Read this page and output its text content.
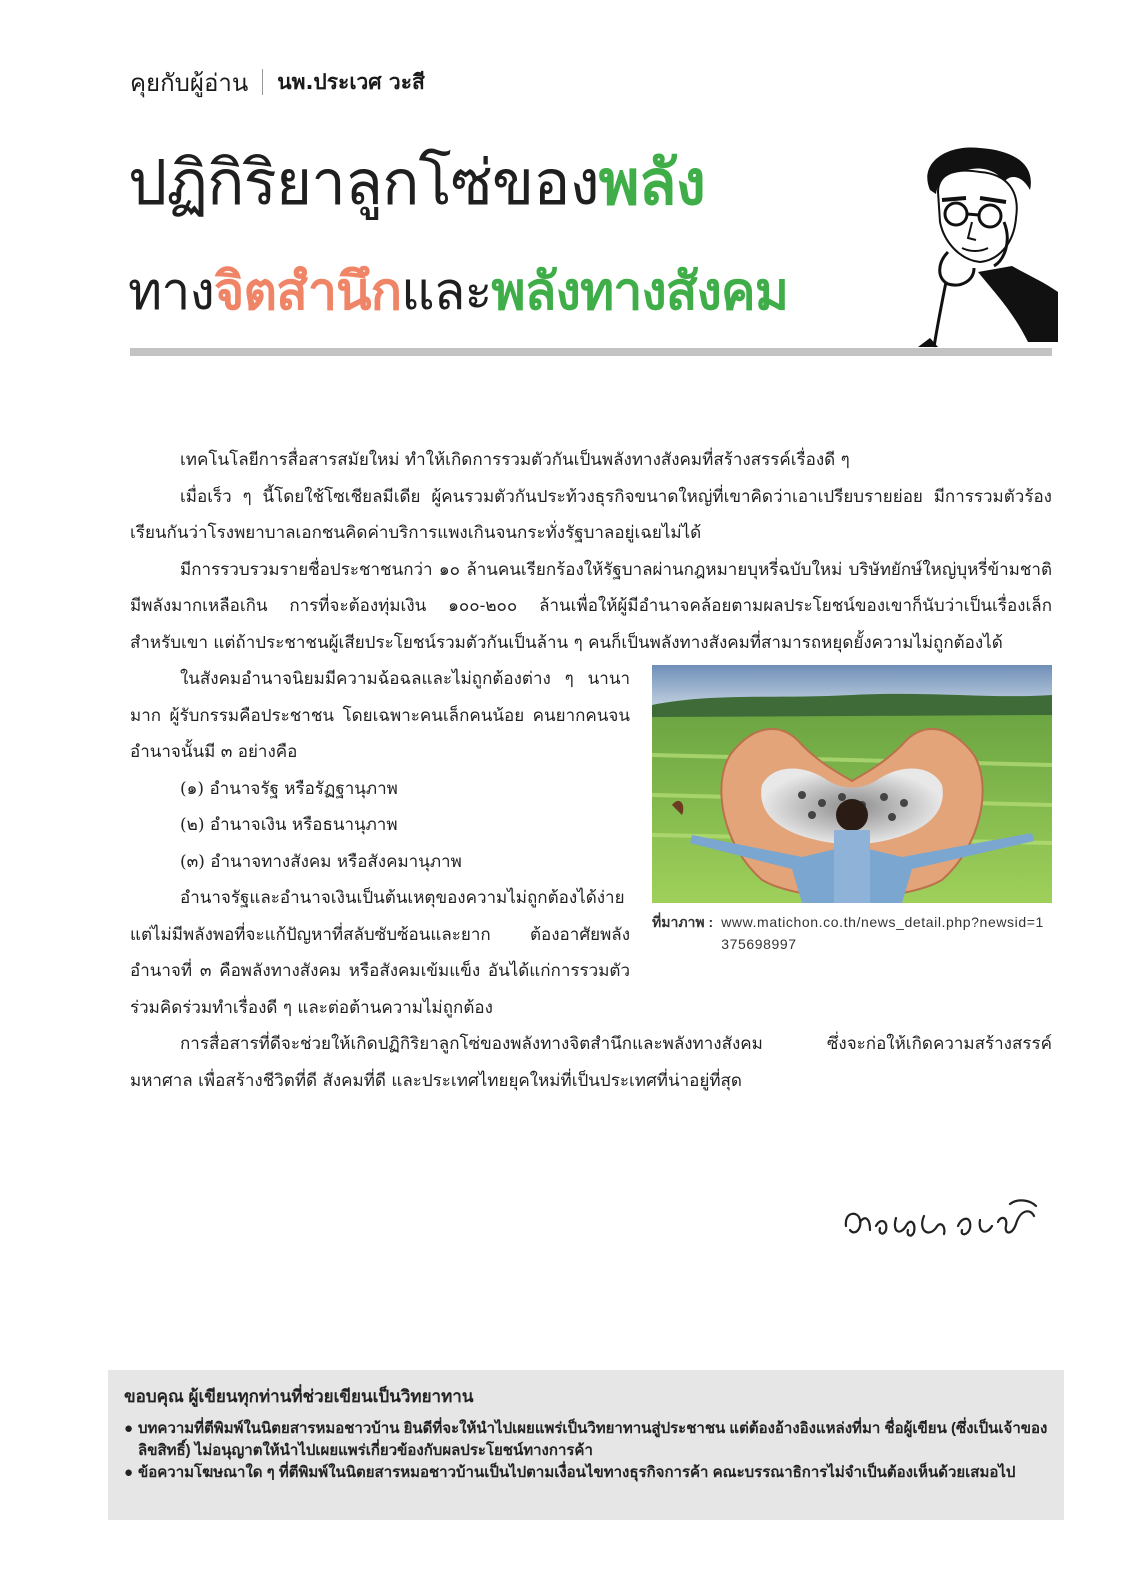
คุยกับผู้อ่าน นพ.ประเวศ วะสี
ปฏิกิริยาลูกโซ่ของพลัง
ทางจิตสำนึกและพลังทางสังคม

เทคโนโลยีการสื่อสารสมัยใหม่ ทำให้เกิดการรวมตัวกันเป็นพลังทางสังคมที่สร้างสรรค์เรื่องดี ๆ

เมื่อเร็ว ๆ นี้โดยใช้โซเชียลมีเดีย ผู้คนรวมตัวกันประท้วงธุรกิจขนาดใหญ่ที่เขาคิดว่าเอาเปรียบรายย่อย มีการรวมตัวร้องเรียนกันว่าโรงพยาบาลเอกชนคิดค่าบริการแพงเกินจนกระทั่งรัฐบาลอยู่เฉยไม่ได้

มีการรวบรวมรายชื่อประชาชนกว่า ๑๐ ล้านคนเรียกร้องให้รัฐบาลผ่านกฎหมายบุหรี่ฉบับใหม่ บริษัทยักษ์ใหญ่บุหรี่ข้ามชาติมีพลังมากเหลือเกิน การที่จะต้องทุ่มเงิน ๑๐๐-๒๐๐ ล้านเพื่อให้ผู้มีอำนาจคล้อยตามผลประโยชน์ของเขาก็นับว่าเป็นเรื่องเล็กสำหรับเขา แต่ถ้าประชาชนผู้เสียประโยชน์รวมตัวกันเป็นล้าน ๆ คนก็เป็นพลังทางสังคมที่สามารถหยุดยั้งความไม่ถูกต้องได้

ที่มาภาพ : www.matichon.co.th/news_detail.php?newsid=1375698997

ในสังคมอำนาจนิยมมีความฉ้อฉลและไม่ถูกต้องต่าง ๆ นานามาก ผู้รับกรรมคือประชาชน โดยเฉพาะคนเล็กคนน้อย คนยากคนจน อำนาจนั้นมี ๓ อย่างคือ

(๑) อำนาจรัฐ หรือรัฏฐานุภาพ

(๒) อำนาจเงิน หรือธนานุภาพ

(๓) อำนาจทางสังคม หรือสังคมานุภาพ

อำนาจรัฐและอำนาจเงินเป็นต้นเหตุของความไม่ถูกต้องได้ง่าย แต่ไม่มีพลังพอที่จะแก้ปัญหาที่สลับซับซ้อนและยาก ต้องอาศัยพลังอำนาจที่ ๓ คือพลังทางสังคม หรือสังคมเข้มแข็ง อันได้แก่การรวมตัวร่วมคิดร่วมทำเรื่องดี ๆ และต่อต้านความไม่ถูกต้อง

การสื่อสารที่ดีจะช่วยให้เกิดปฏิกิริยาลูกโซ่ของพลังทางจิตสำนึกและพลังทางสังคม ซึ่งจะก่อให้เกิดความสร้างสรรค์มหาศาล เพื่อสร้างชีวิตที่ดี สังคมที่ดี และประเทศไทยยุคใหม่ที่เป็นประเทศที่น่าอยู่ที่สุด

ขอบคุณ ผู้เขียนทุกท่านที่ช่วยเขียนเป็นวิทยาทาน
● บทความที่ตีพิมพ์ในนิตยสารหมอชาวบ้าน ยินดีที่จะให้นำไปเผยแพร่เป็นวิทยาทานสู่ประชาชน แต่ต้องอ้างอิงแหล่งที่มา ชื่อผู้เขียน (ซึ่งเป็นเจ้าของลิขสิทธิ์) ไม่อนุญาตให้นำไปเผยแพร่เกี่ยวข้องกับผลประโยชน์ทางการค้า
● ข้อความโฆษณาใด ๆ ที่ตีพิมพ์ในนิตยสารหมอชาวบ้านเป็นไปตามเงื่อนไขทางธุรกิจการค้า คณะบรรณาธิการไม่จำเป็นต้องเห็นด้วยเสมอไป
